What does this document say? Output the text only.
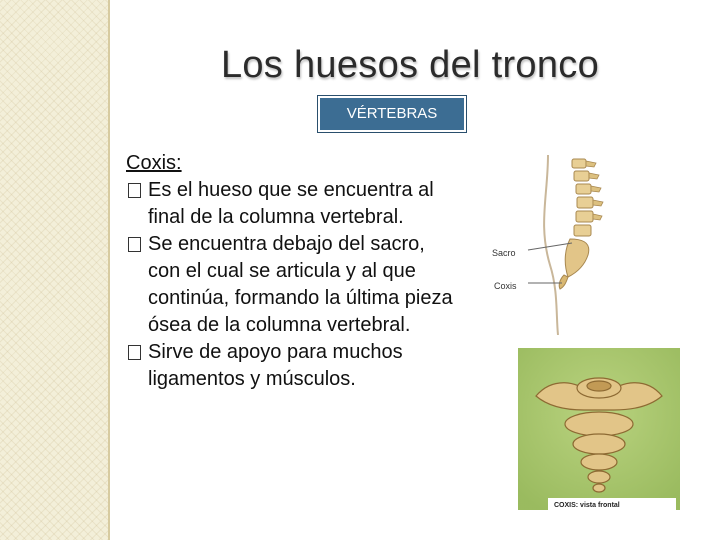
Los huesos del tronco
VÉRTEBRAS

Coxis:

Es el hueso que se encuentra al final de la columna vertebral.
Se encuentra debajo del sacro, con el cual se articula y al que continúa, formando la última pieza ósea de la columna vertebral.
Sirve de apoyo para muchos ligamentos y músculos.
Sacro
Coxis
COXIS: vista frontal
